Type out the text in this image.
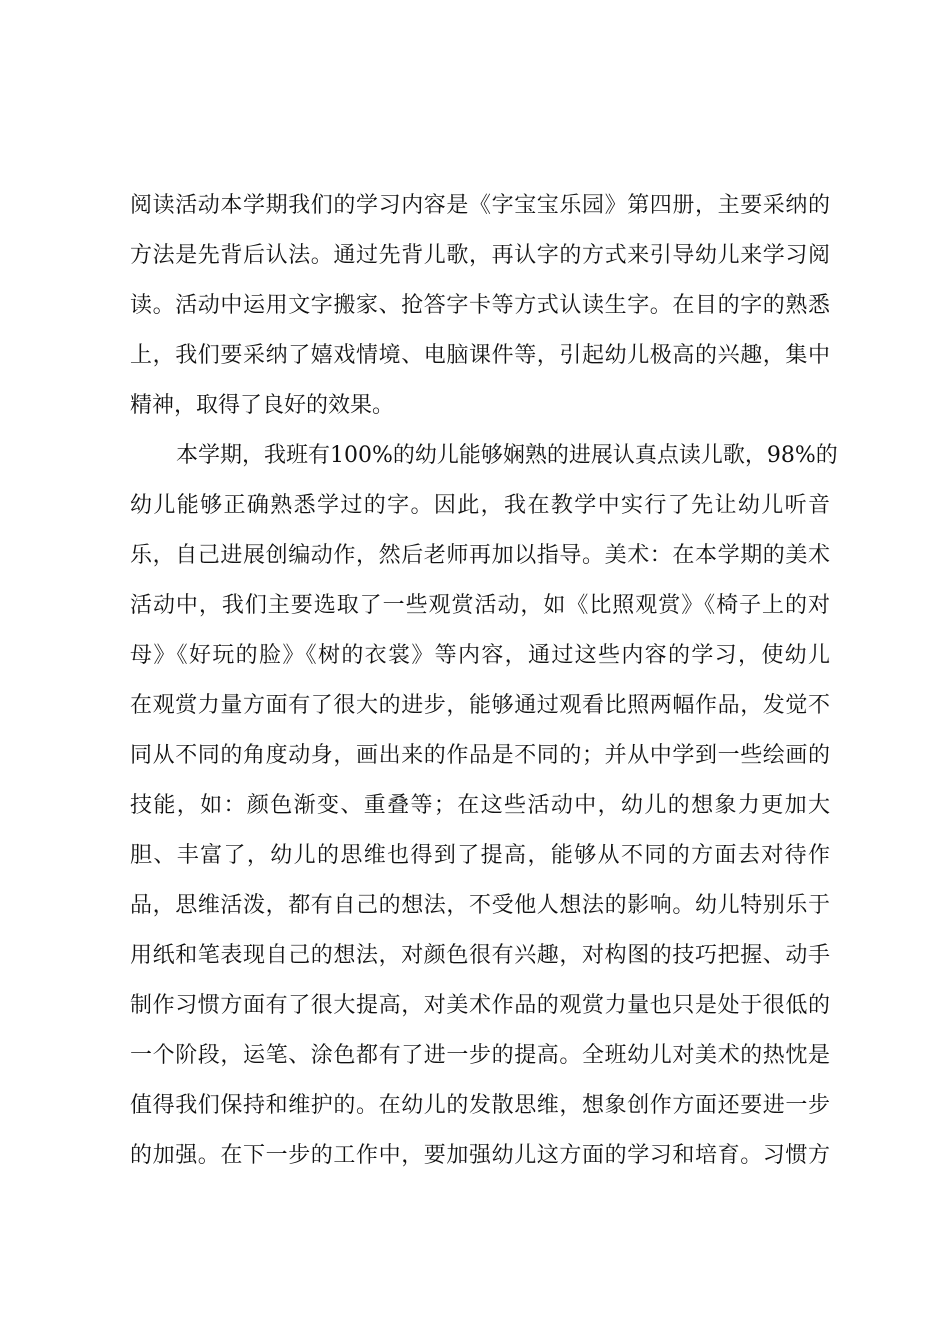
阅读活动本学期我们的学习内容是《字宝宝乐园》第四册，主要采纳的
方法是先背后认法。通过先背儿歌，再认字的方式来引导幼儿来学习阅
读。活动中运用文字搬家、抢答字卡等方式认读生字。在目的字的熟悉
上，我们要采纳了嬉戏情境、电脑课件等，引起幼儿极高的兴趣，集中
精神，取得了良好的效果。
本学期，我班有100%的幼儿能够娴熟的进展认真点读儿歌，98%的
幼儿能够正确熟悉学过的字。因此，我在教学中实行了先让幼儿听音
乐，自己进展创编动作，然后老师再加以指导。美术：在本学期的美术
活动中，我们主要选取了一些观赏活动，如《比照观赏》《椅子上的对
母》《好玩的脸》《树的衣裳》等内容，通过这些内容的学习，使幼儿
在观赏力量方面有了很大的进步，能够通过观看比照两幅作品，发觉不
同从不同的角度动身，画出来的作品是不同的；并从中学到一些绘画的
技能，如：颜色渐变、重叠等；在这些活动中，幼儿的想象力更加大
胆、丰富了，幼儿的思维也得到了提高，能够从不同的方面去对待作
品，思维活泼，都有自己的想法，不受他人想法的影响。幼儿特别乐于
用纸和笔表现自己的想法，对颜色很有兴趣，对构图的技巧把握、动手
制作习惯方面有了很大提高，对美术作品的观赏力量也只是处于很低的
一个阶段，运笔、涂色都有了进一步的提高。全班幼儿对美术的热忱是
值得我们保持和维护的。在幼儿的发散思维，想象创作方面还要进一步
的加强。在下一步的工作中，要加强幼儿这方面的学习和培育。习惯方
